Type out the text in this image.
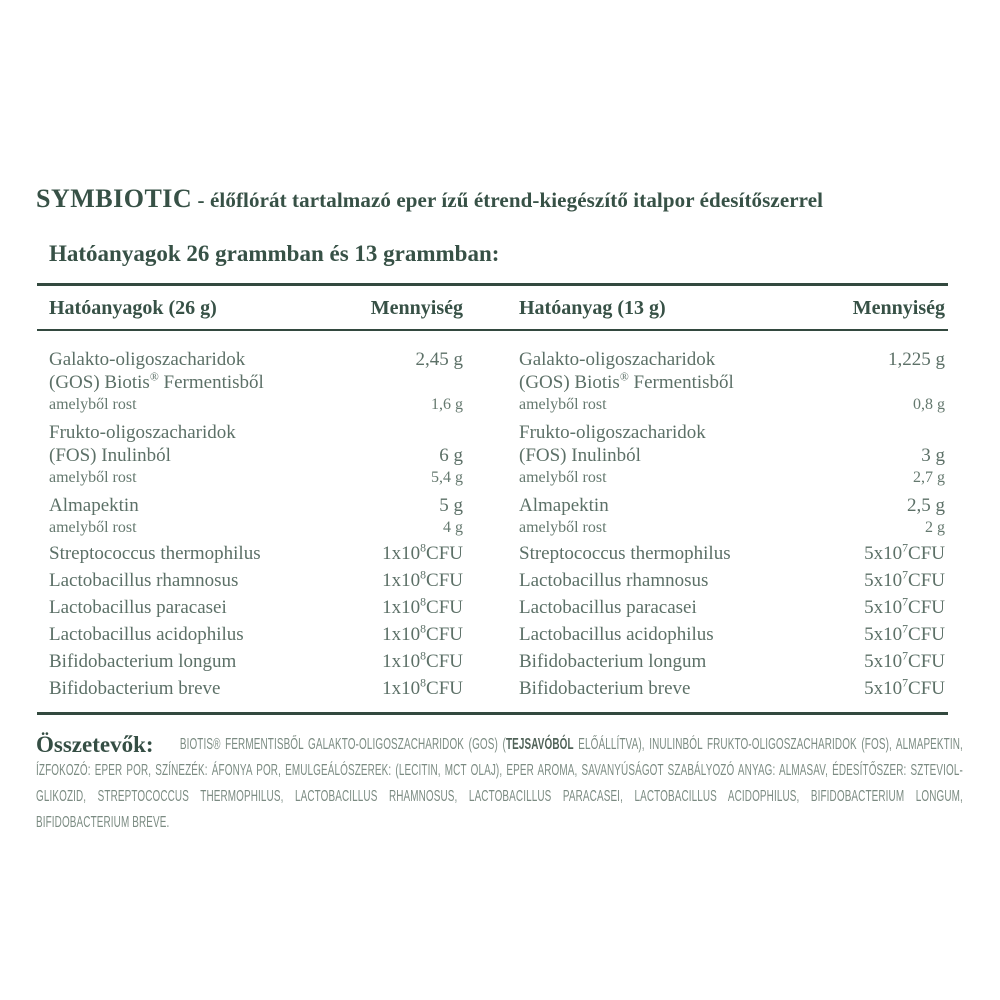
SYMBIOTIC - élőflórát tartalmazó eper ízű étrend-kiegészítő italpor édesítőszerrel
Hatóanyagok 26 grammban és 13 grammban:
Hatóanyagok (26 g)	Mennyiség	Hatóanyag (13 g)	Mennyiség
Galakto-oligoszacharidok	2,45 g	Galakto-oligoszacharidok	1,225 g
(GOS) Biotis® Fermentisből	(GOS) Biotis® Fermentisből
amelyből rost	1,6 g	amelyből rost	0,8 g
Frukto-oligoszacharidok	Frukto-oligoszacharidok
(FOS) Inulinból	6 g	(FOS) Inulinból	3 g
amelyből rost	5,4 g	amelyből rost	2,7 g
Almapektin	5 g	Almapektin	2,5 g
amelyből rost	4 g	amelyből rost	2 g
Streptococcus thermophilus	$1x10^8CFU$	Streptococcus thermophilus	$5x10^7CFU$
Lactobacillus rhamnosus	$1x10^8CFU$	Lactobacillus rhamnosus	$5x10^7CFU$
Lactobacillus paracasei	$1x10^8CFU$	Lactobacillus paracasei	$5x10^7CFU$
Lactobacillus acidophilus	$1x10^8CFU$	Lactobacillus acidophilus	$5x10^7CFU$
Bifidobacterium longum	$1x10^8CFU$	Bifidobacterium longum	$5x10^7CFU$
Bifidobacterium breve	$1x10^8CFU$	Bifidobacterium breve	$5x10^7CFU$

Összetevők:	BIOTIS® FERMENTISBŐL GALAKTO-OLIGOSZACHARIDOK (GOS) (TEJSAVÓBÓL ELŐÁLLÍTVA), INULINBÓL FRUKTO-OLIGOSZACHARIDOK (FOS), ALMAPEKTIN, ÍZFOKOZÓ: EPER POR, SZÍNEZÉK: ÁFONYA POR, EMULGEÁLÓSZEREK: (LECITIN, MCT OLAJ), EPER AROMA, SAVANYÚSÁGOT SZABÁLYOZÓ ANYAG: ALMASAV, ÉDESÍTŐSZER: SZTEVIOL-GLIKOZID, STREPTOCOCCUS THERMOPHILUS, LACTOBACILLUS RHAMNOSUS, LACTOBACILLUS PARACASEI, LACTOBACILLUS ACIDOPHILUS, BIFIDOBACTERIUM LONGUM, BIFIDOBACTERIUM BREVE.
